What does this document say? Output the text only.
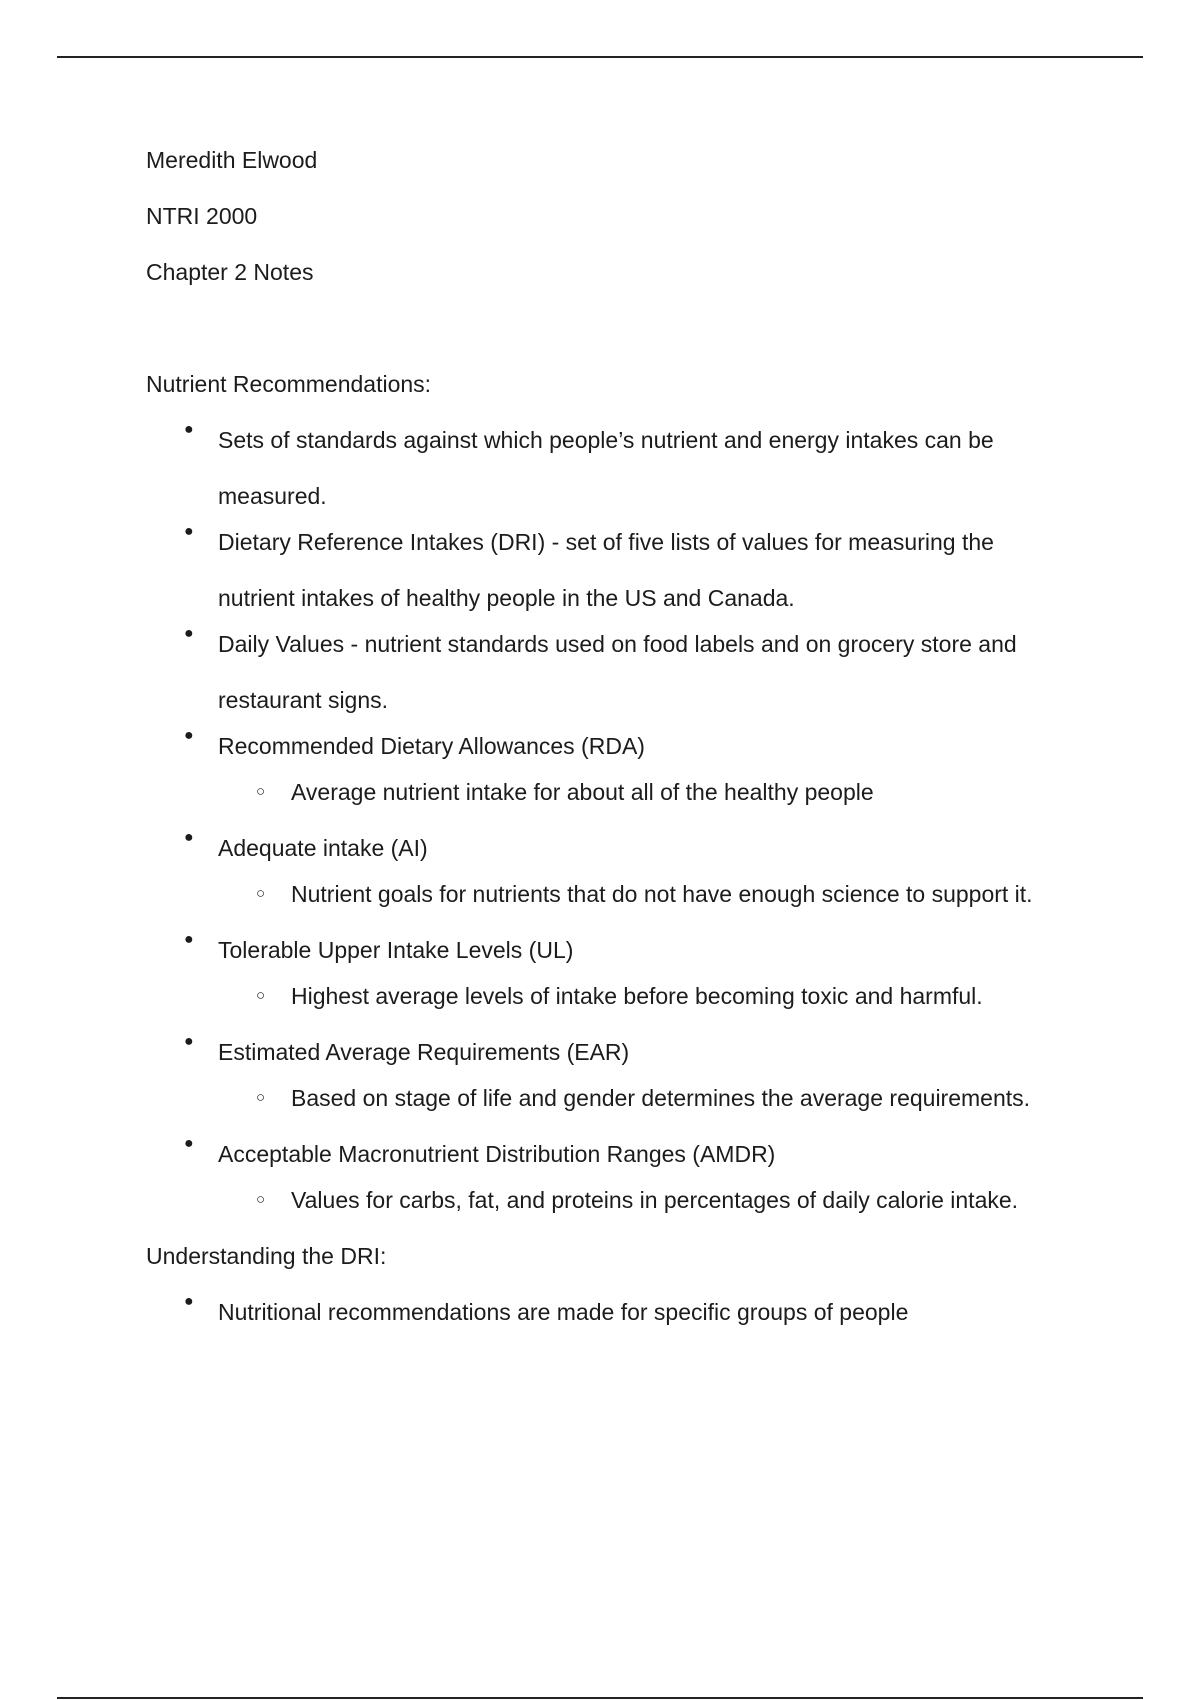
Meredith Elwood
NTRI 2000
Chapter 2 Notes
Nutrient Recommendations:
●	Sets of standards against which people’s nutrient and energy intakes can be measured.
●	Dietary Reference Intakes (DRI) - set of five lists of values for measuring the nutrient intakes of healthy people in the US and Canada.
●	Daily Values - nutrient standards used on food labels and on grocery store and restaurant signs.
●	Recommended Dietary Allowances (RDA)
○ Average nutrient intake for about all of the healthy people
●	Adequate intake (AI)
○ Nutrient goals for nutrients that do not have enough science to support it.
●	Tolerable Upper Intake Levels (UL)
○ Highest average levels of intake before becoming toxic and harmful.
●	Estimated Average Requirements (EAR)
○ Based on stage of life and gender determines the average requirements.
●	Acceptable Macronutrient Distribution Ranges (AMDR)
○ Values for carbs, fat, and proteins in percentages of daily calorie intake.
Understanding the DRI:
●	Nutritional recommendations are made for specific groups of people
